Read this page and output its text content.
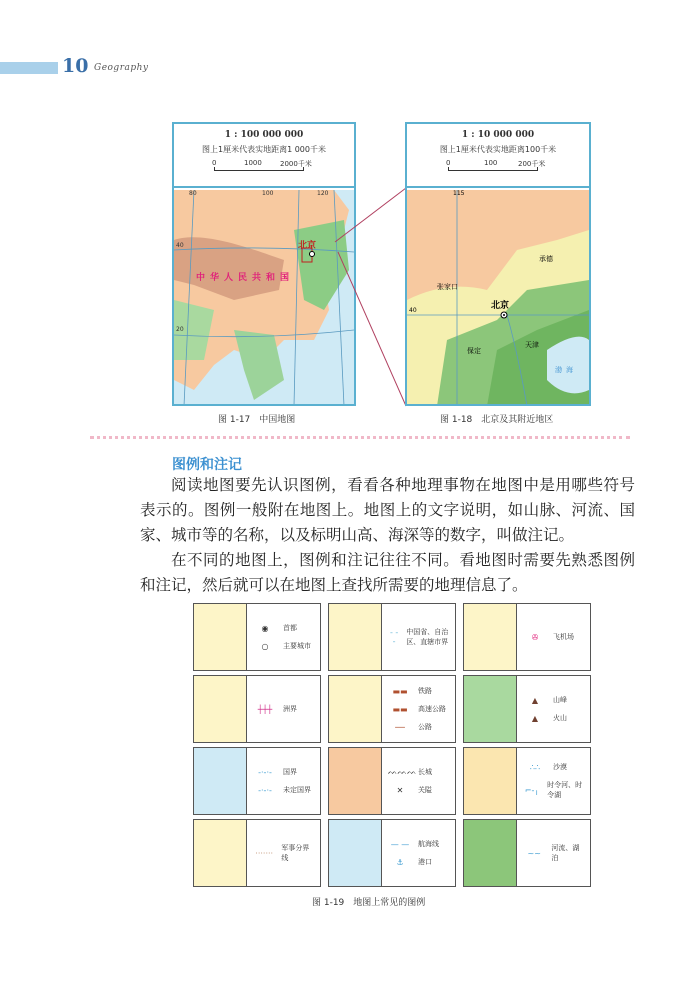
10 Geography
1 : 100 000 000
图上1厘米代表实地距离1 000千米
0	1000	2000千米
80	100	120
40
20
北京
中华人民共和国
1 : 10 000 000
图上1厘米代表实地距离100千米
0	100	200千米
115
40	北京
张家口
承德
保定
天津
渤海
图 1-17　中国地图	图 1-18　北京及其附近地区
图例和注记

阅读地图要先认识图例，看看各种地理事物在地图中是用哪些符号表示的。图例一般附在地图上。地图上的文字说明，如山脉、河流、国家、城市等的名称，以及标明山高、海深等的数字，叫做注记。

在不同的地图上，图例和注记往往不同。看地图时需要先熟悉图例和注记，然后就可以在地图上查找所需要的地理信息了。

◉	首都
○	主要城市
- - -
中国省、自治区、直辖市界
✇	飞机场
┼┼┼	洲界
▬▬	铁路
▬▬	高速公路
──	公路
▲	山峰
▲	火山
-·-·-	国界
-·-·-	未定国界
ᨓᨓᨓ 长城
✕	关隘
∴∴	沙漠
⌐-╷
时令河、时令湖
·······
军事分界线
— —	航海线
⚓	港口
~~
河流、湖泊
图 1-19　地图上常见的图例
